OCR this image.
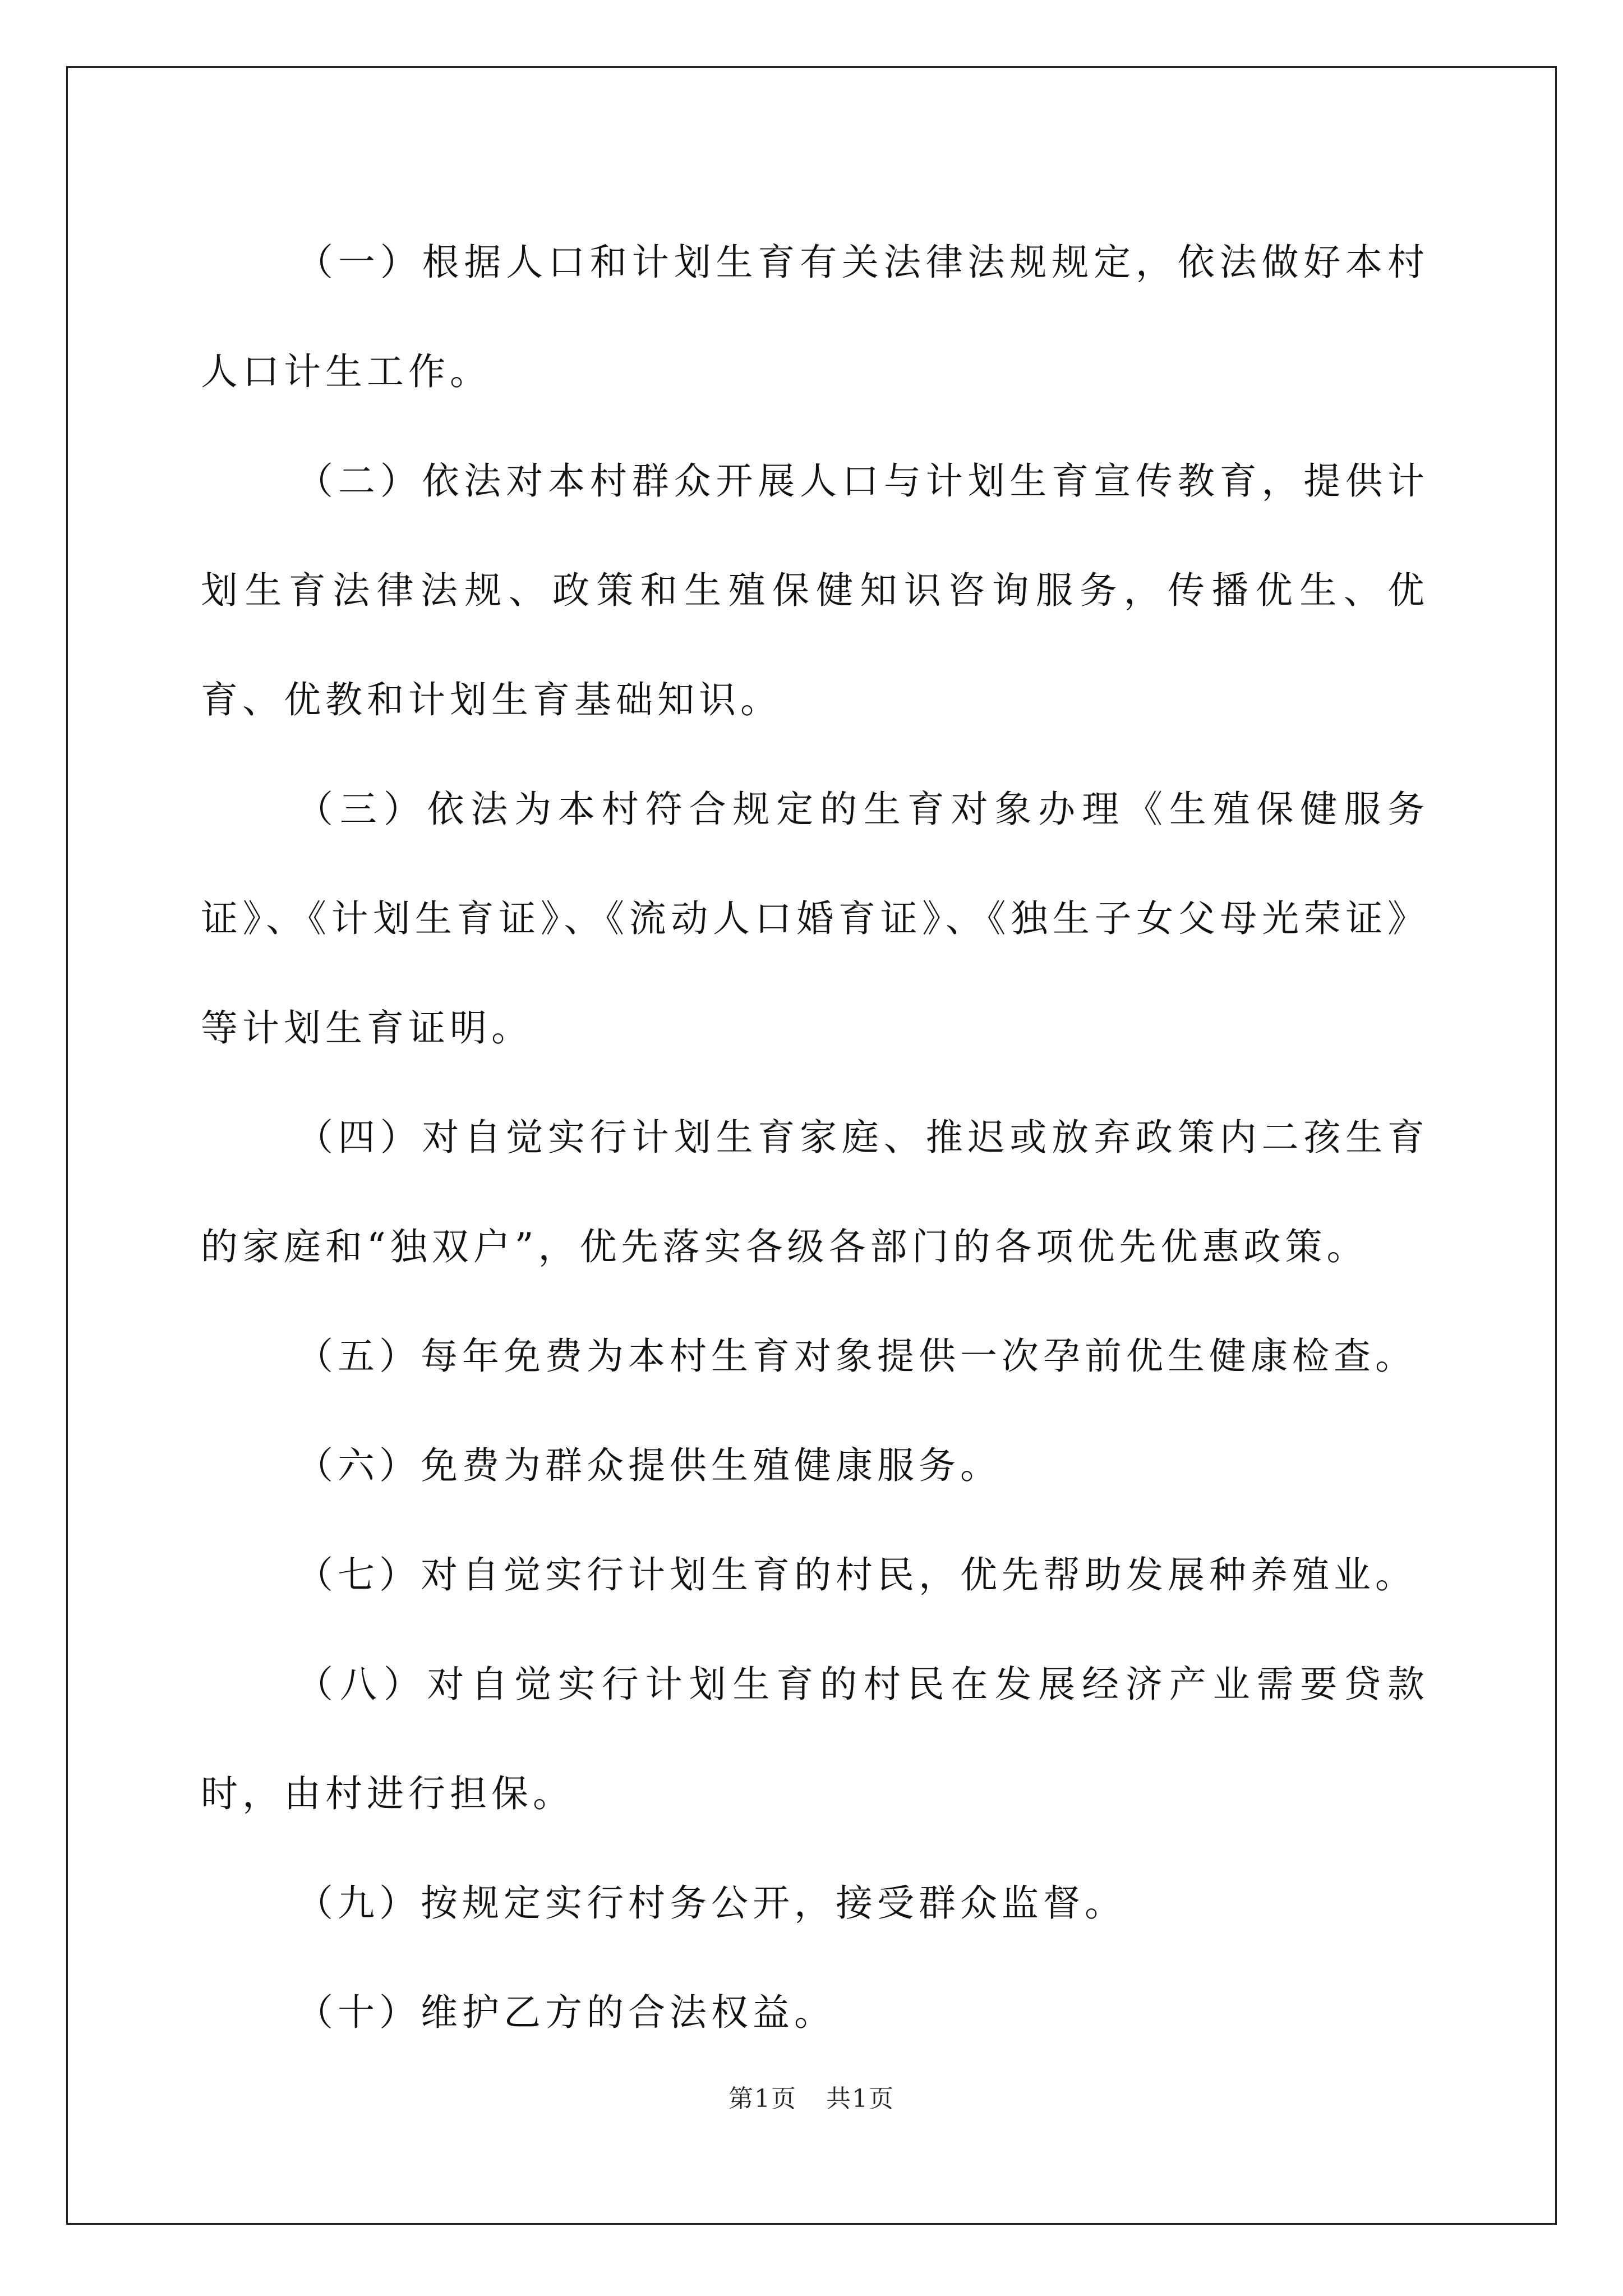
（一）根据人口和计划生育有关法律法规规定，依法做好本村人口计生工作。

（二）依法对本村群众开展人口与计划生育宣传教育，提供计划生育法律法规、政策和生殖保健知识咨询服务，传播优生、优育、优教和计划生育基础知识。

（三）依法为本村符合规定的生育对象办理《生殖保健服务证》、《计划生育证》、《流动人口婚育证》、《独生子女父母光荣证》等计划生育证明。

（四）对自觉实行计划生育家庭、推迟或放弃政策内二孩生育的家庭和“独双户”，优先落实各级各部门的各项优先优惠政策。

（五）每年免费为本村生育对象提供一次孕前优生健康检查。

（六）免费为群众提供生殖健康服务。

（七）对自觉实行计划生育的村民，优先帮助发展种养殖业。

（八）对自觉实行计划生育的村民在发展经济产业需要贷款时，由村进行担保。

（九）按规定实行村务公开，接受群众监督。

（十）维护乙方的合法权益。

第1页 共1页
